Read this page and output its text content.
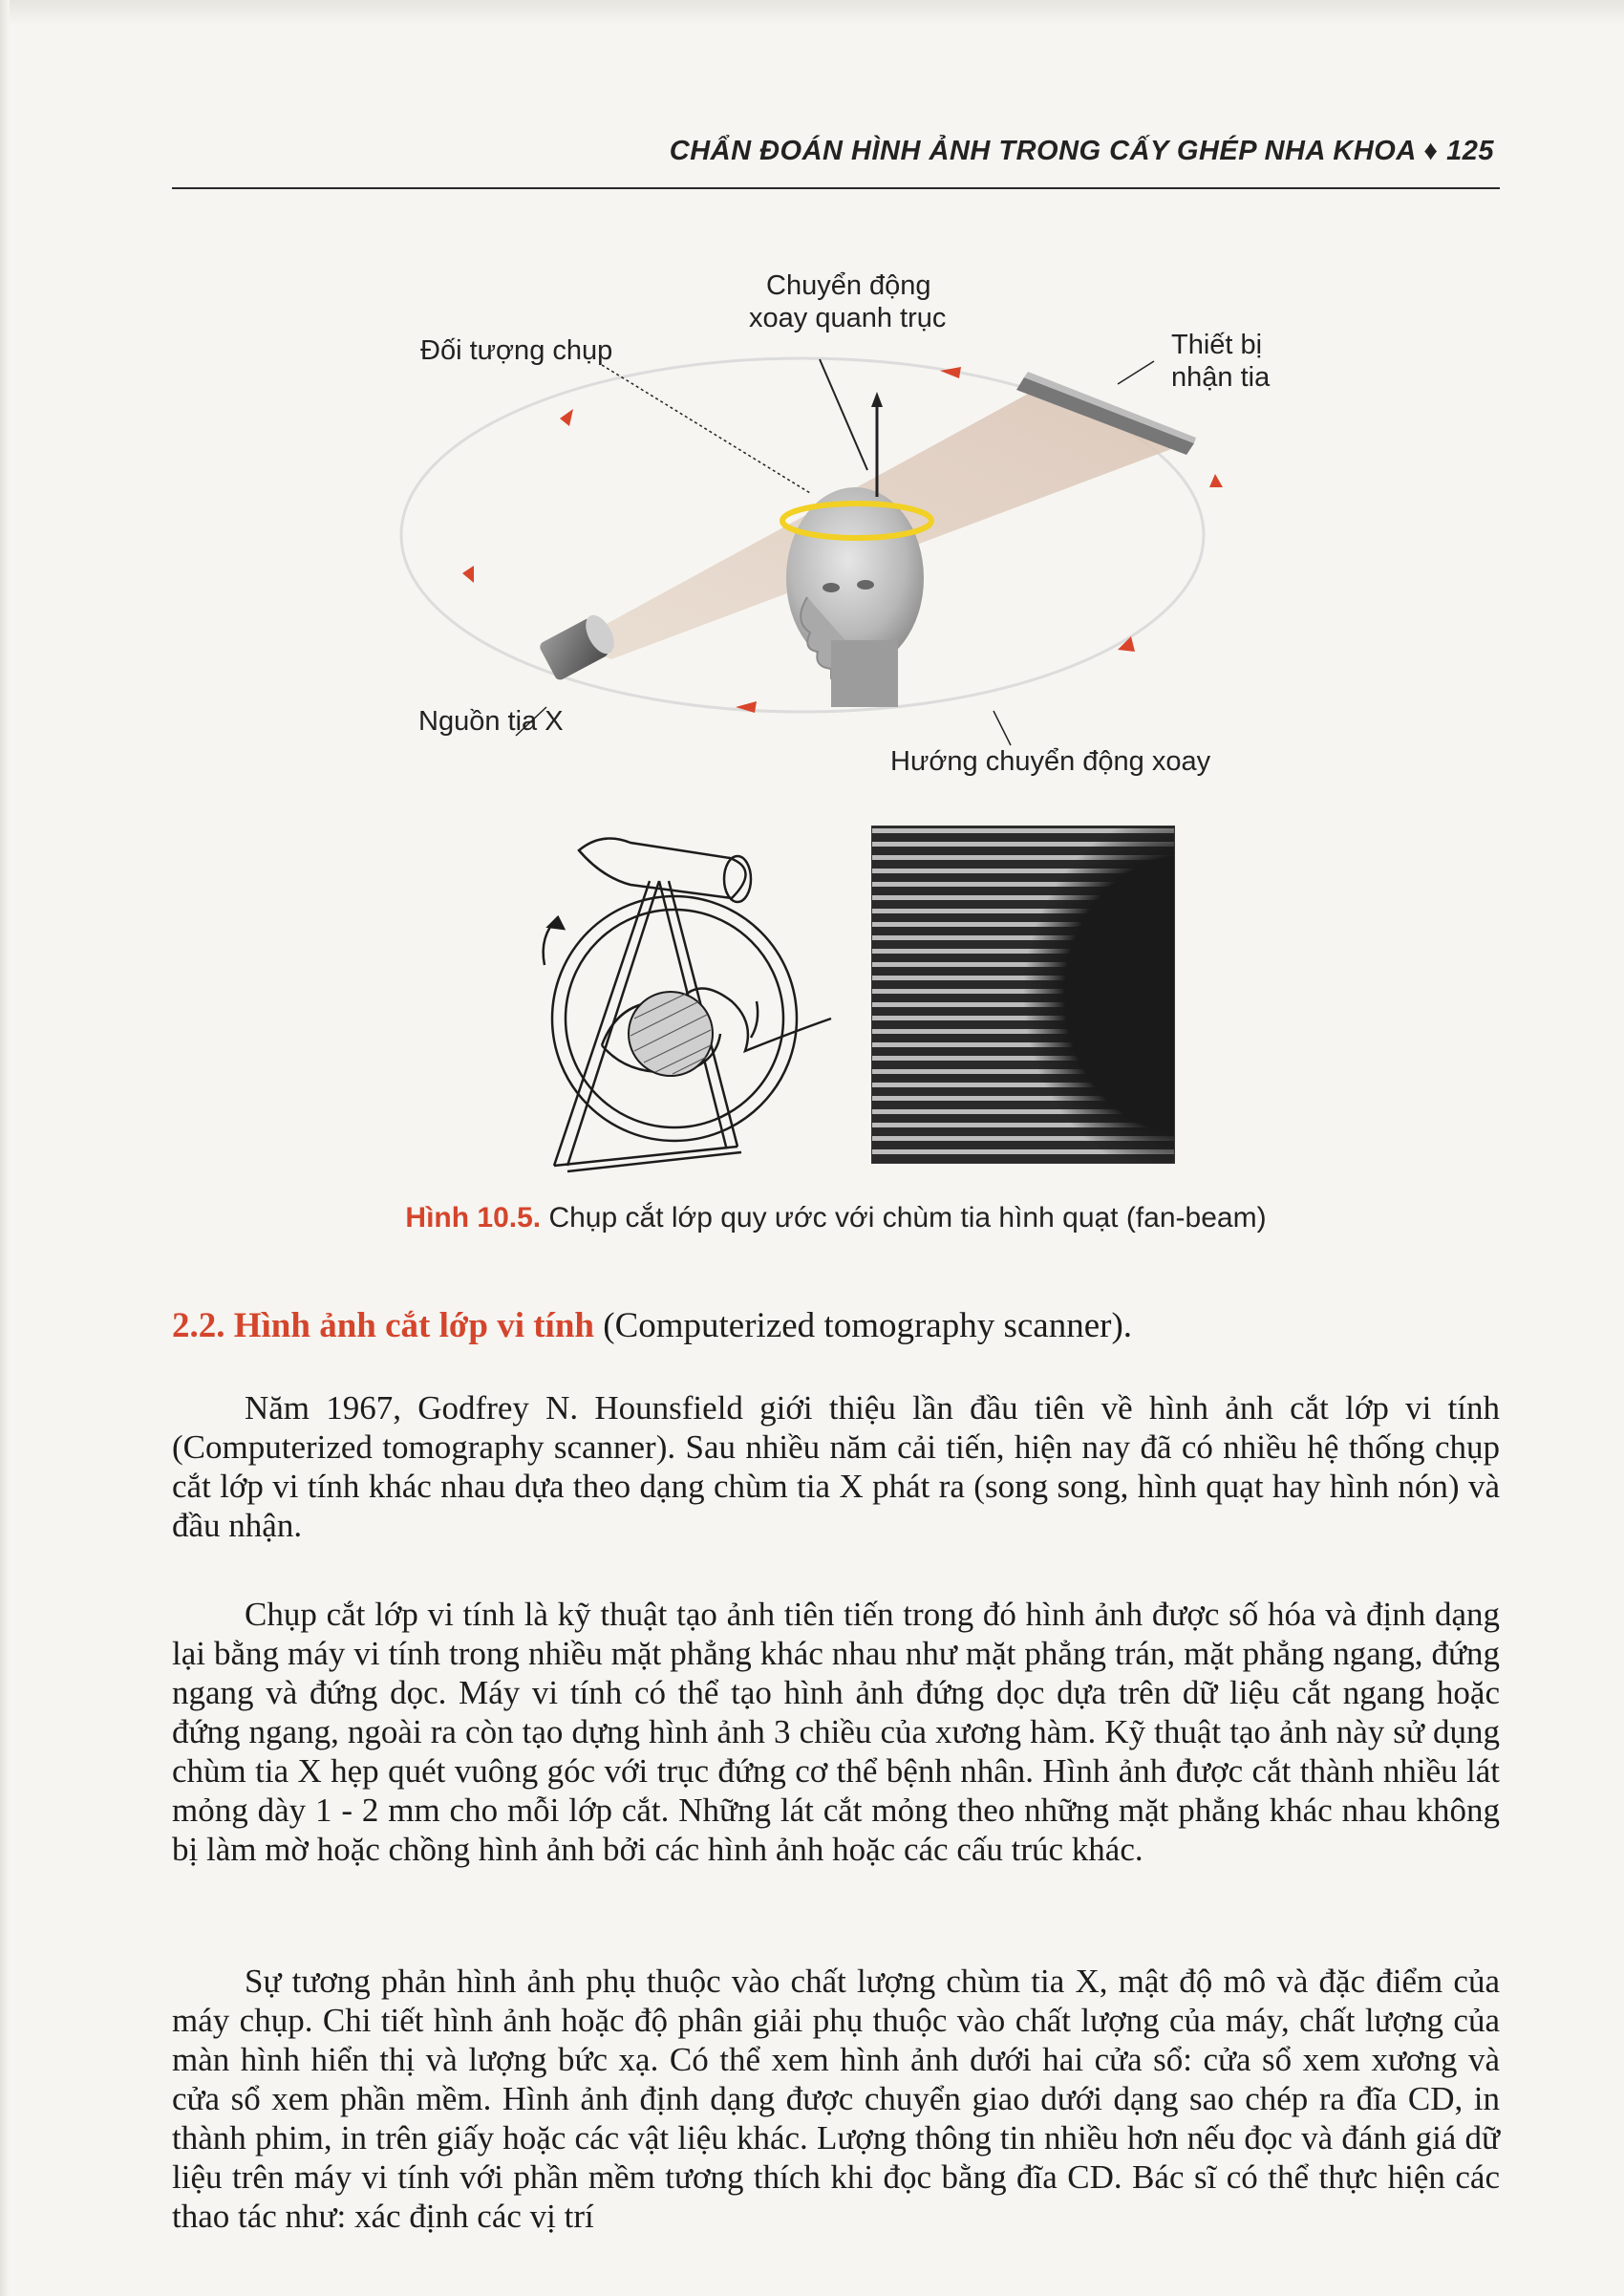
CHẨN ĐOÁN HÌNH ẢNH TRONG CẤY GHÉP NHA KHOA ♦ 125
Chuyển động
xoay quanh trục
Đối tượng chụp	Thiết bị
nhận tia
Nguồn tia X
Hướng chuyển động xoay
Hình 10.5. Chụp cắt lớp quy ước với chùm tia hình quạt (fan-beam)
2.2. Hình ảnh cắt lớp vi tính (Computerized tomography scanner).

Năm 1967, Godfrey N. Hounsfield giới thiệu lần đầu tiên về hình ảnh cắt lớp vi tính (Computerized tomography scanner). Sau nhiều năm cải tiến, hiện nay đã có nhiều hệ thống chụp cắt lớp vi tính khác nhau dựa theo dạng chùm tia X phát ra (song song, hình quạt hay hình nón) và đầu nhận.

Chụp cắt lớp vi tính là kỹ thuật tạo ảnh tiên tiến trong đó hình ảnh được số hóa và định dạng lại bằng máy vi tính trong nhiều mặt phẳng khác nhau như mặt phẳng trán, mặt phẳng ngang, đứng ngang và đứng dọc. Máy vi tính có thể tạo hình ảnh đứng dọc dựa trên dữ liệu cắt ngang hoặc đứng ngang, ngoài ra còn tạo dựng hình ảnh 3 chiều của xương hàm. Kỹ thuật tạo ảnh này sử dụng chùm tia X hẹp quét vuông góc với trục đứng cơ thể bệnh nhân. Hình ảnh được cắt thành nhiều lát mỏng dày 1 - 2 mm cho mỗi lớp cắt. Những lát cắt mỏng theo những mặt phẳng khác nhau không bị làm mờ hoặc chồng hình ảnh bởi các hình ảnh hoặc các cấu trúc khác.

Sự tương phản hình ảnh phụ thuộc vào chất lượng chùm tia X, mật độ mô và đặc điểm của máy chụp. Chi tiết hình ảnh hoặc độ phân giải phụ thuộc vào chất lượng của máy, chất lượng của màn hình hiển thị và lượng bức xạ. Có thể xem hình ảnh dưới hai cửa sổ: cửa sổ xem xương và cửa sổ xem phần mềm. Hình ảnh định dạng được chuyển giao dưới dạng sao chép ra đĩa CD, in thành phim, in trên giấy hoặc các vật liệu khác. Lượng thông tin nhiều hơn nếu đọc và đánh giá dữ liệu trên máy vi tính với phần mềm tương thích khi đọc bằng đĩa CD. Bác sĩ có thể thực hiện các thao tác như: xác định các vị trí
